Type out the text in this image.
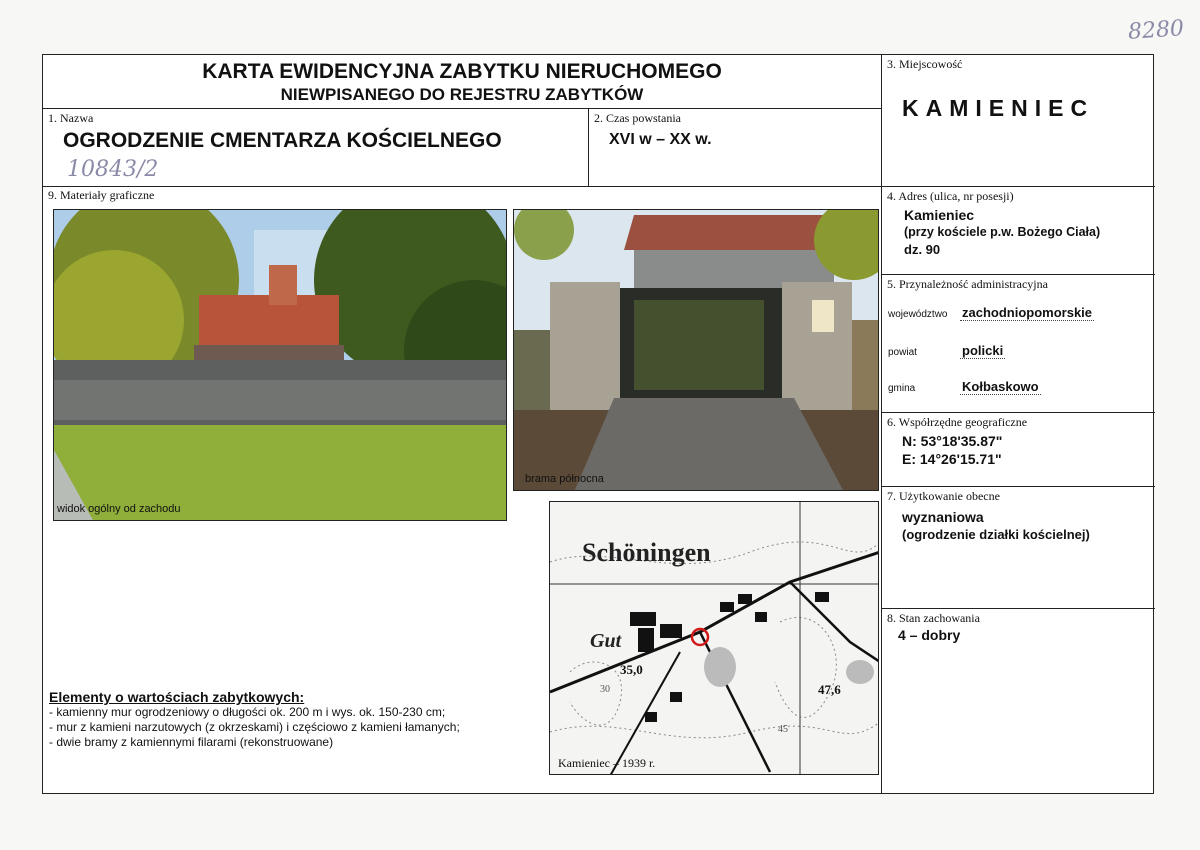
8280
KARTA EWIDENCYJNA ZABYTKU NIERUCHOMEGO
NIEWPISANEGO DO REJESTRU ZABYTKÓW
1. Nazwa
OGRODZENIE CMENTARZA KOŚCIELNEGO
10843/2
2. Czas powstania
XVI w – XX w.
3. Miejscowość
KAMIENIEC
4. Adres (ulica, nr posesji)
Kamieniec
(przy kościele p.w. Bożego Ciała)
dz. 90
5. Przynależność administracyjna
województwo	zachodniopomorskie
powiat	policki
gmina	Kołbaskowo
6. Współrzędne geograficzne
N: 53°18'35.87"
E: 14°26'15.71"
7. Użytkowanie obecne
wyznaniowa
(ogrodzenie działki kościelnej)
8. Stan zachowania
4 – dobry
9. Materiały graficzne
widok ogólny od zachodu
brama północna
Schöningen
Gut
35,0
47,6
30
45
Kamieniec – 1939 r.
Elementy o wartościach zabytkowych:
- kamienny mur ogrodzeniowy o długości ok. 200 m i wys. ok. 150-230 cm;
- mur z kamieni narzutowych (z okrzeskami) i częściowo z kamieni łamanych;
- dwie bramy z kamiennymi filarami (rekonstruowane)
